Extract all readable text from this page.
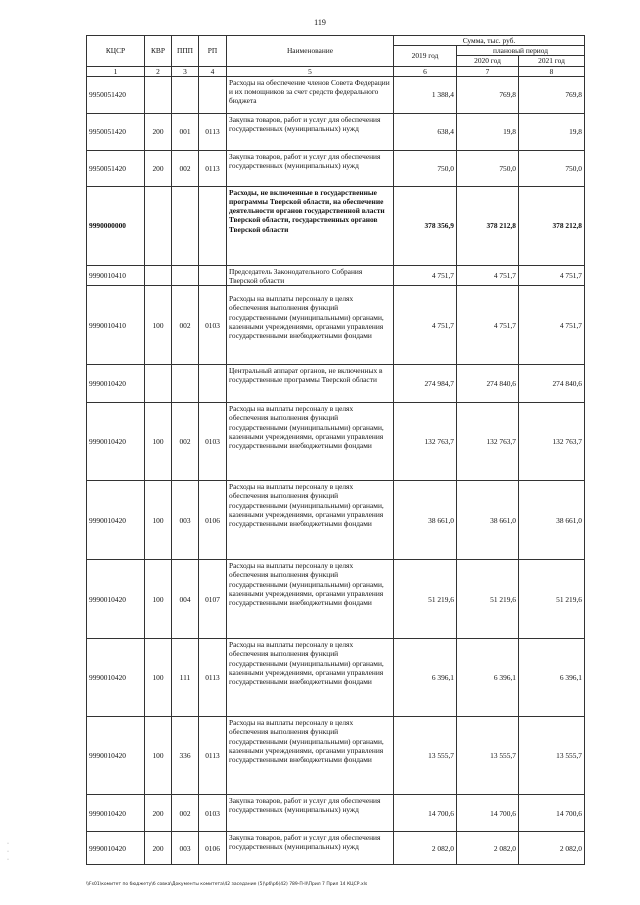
119
КЦСР	КВР	ППП	РП	Наименование	Сумма, тыс. руб.		
					2019 год	плановый период	
						2020 год	2021 год
1	2	3	4	5	6	7	8
9950051420				Расходы на обеспечение членов Совета Федерации и их помощников за счет средств федерального бюджета	1 388,4	769,8	769,8
9950051420	200	001	0113	Закупка товаров, работ и услуг для обеспечения государственных (муниципальных) нужд	638,4	19,8	19,8
9950051420	200	002	0113	Закупка товаров, работ и услуг для обеспечения государственных (муниципальных) нужд	750,0	750,0	750,0
9990000000				Расходы, не включенные в государственные программы Тверской области, на обеспечение деятельности органов государственной власти Тверской области, государственных органов Тверской области	378 356,9	378 212,8	378 212,8
9990010410				Председатель Законодательного Собрания Тверской области	4 751,7	4 751,7	4 751,7
9990010410	100	002	0103	Расходы на выплаты персоналу в целях обеспечения выполнения функций государственными (муниципальными) органами, казенными учреждениями, органами управления государственными внебюджетными фондами	4 751,7	4 751,7	4 751,7
9990010420				Центральный аппарат органов, не включенных в государственные программы Тверской области	274 984,7	274 840,6	274 840,6
9990010420	100	002	0103	Расходы на выплаты персоналу в целях обеспечения выполнения функций государственными (муниципальными) органами, казенными учреждениями, органами управления государственными внебюджетными фондами	132 763,7	132 763,7	132 763,7
9990010420	100	003	0106	Расходы на выплаты персоналу в целях обеспечения выполнения функций государственными (муниципальными) органами, казенными учреждениями, органами управления государственными внебюджетными фондами	38 661,0	38 661,0	38 661,0
9990010420	100	004	0107	Расходы на выплаты персоналу в целях обеспечения выполнения функций государственными (муниципальными) органами, казенными учреждениями, органами управления государственными внебюджетными фондами	51 219,6	51 219,6	51 219,6
9990010420	100	111	0113	Расходы на выплаты персоналу в целях обеспечения выполнения функций государственными (муниципальными) органами, казенными учреждениями, органами управления государственными внебюджетными фондами	6 396,1	6 396,1	6 396,1
9990010420	100	336	0113	Расходы на выплаты персоналу в целях обеспечения выполнения функций государственными (муниципальными) органами, казенными учреждениями, органами управления государственными внебюджетными фондами	13 555,7	13 555,7	13 555,7
9990010420	200	002	0103	Закупка товаров, работ и услуг для обеспечения государственных (муниципальных) нужд	14 700,6	14 700,6	14 700,6
9990010420	200	003	0106	Закупка товаров, работ и услуг для обеспечения государственных (муниципальных) нужд	2 082,0	2 082,0	2 082,0
·
·
·
\\Fs01\комитет по бюджету\б совка\Документы комитета\42 заседание (5)\рб\рб(42) 789-П-II\Прил 7 Прил 14 КЦСР.xls
